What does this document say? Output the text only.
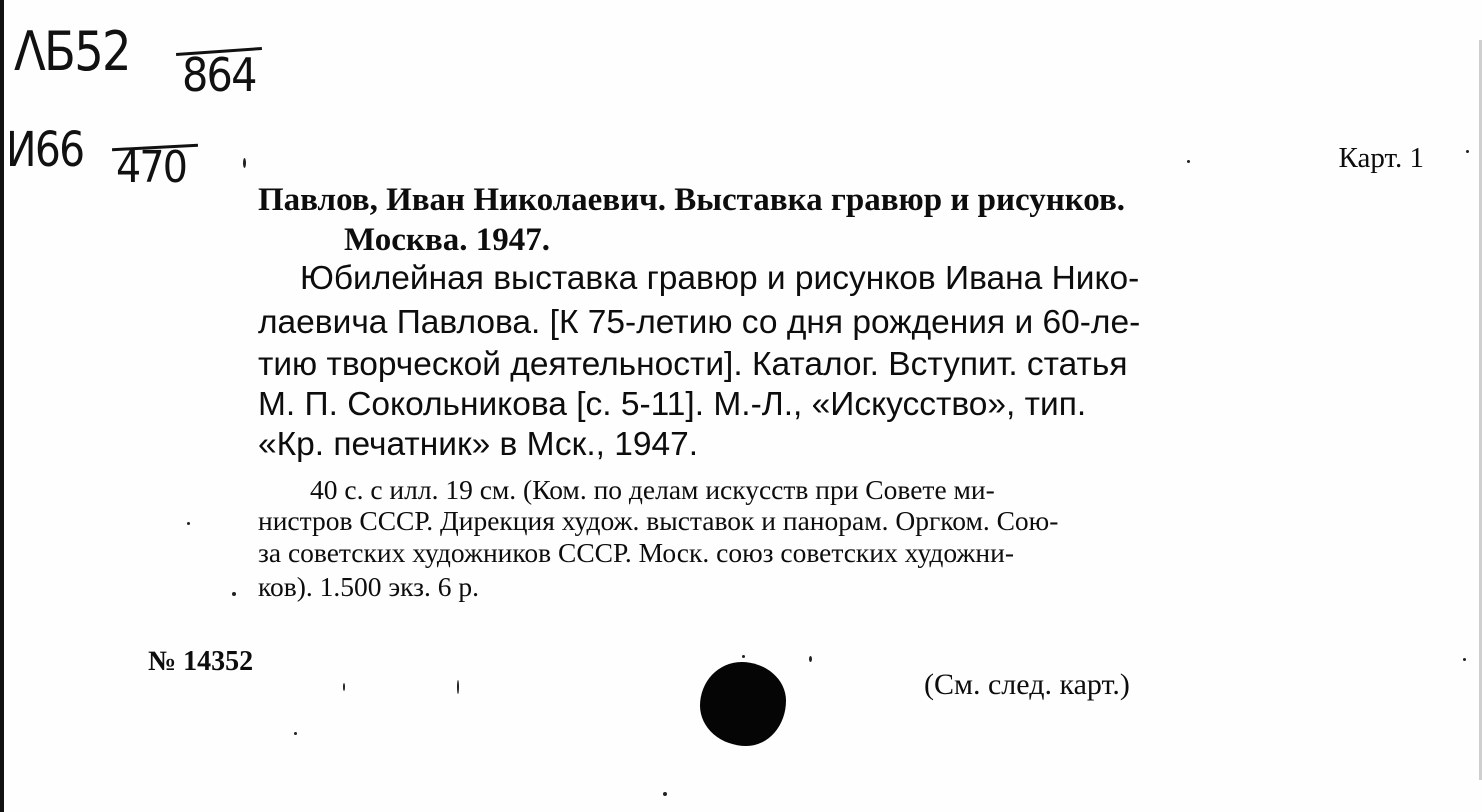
ΛБ52 864
И66 470	Карт. 1
Павлов, Иван Николаевич. Выставка гравюр и рисунков.
Москва. 1947.
Юбилейная выставка гравюр и рисунков Ивана Нико-
лаевича Павлова. [К 75-летию со дня рождения и 60-ле-
тию творческой деятельности]. Каталог. Вступит. статья
М. П. Сокольникова [с. 5-11]. М.-Л., «Искусство», тип.
«Кр. печатник» в Мск., 1947.
40 с. с илл. 19 см. (Ком. по делам искусств при Совете ми-
нистров СССР. Дирекция худож. выставок и панорам. Оргком. Сою-
за советских художников СССР. Моск. союз советских художни-
ков). 1.500 экз. 6 р.
№ 14352
(См. след. карт.)
